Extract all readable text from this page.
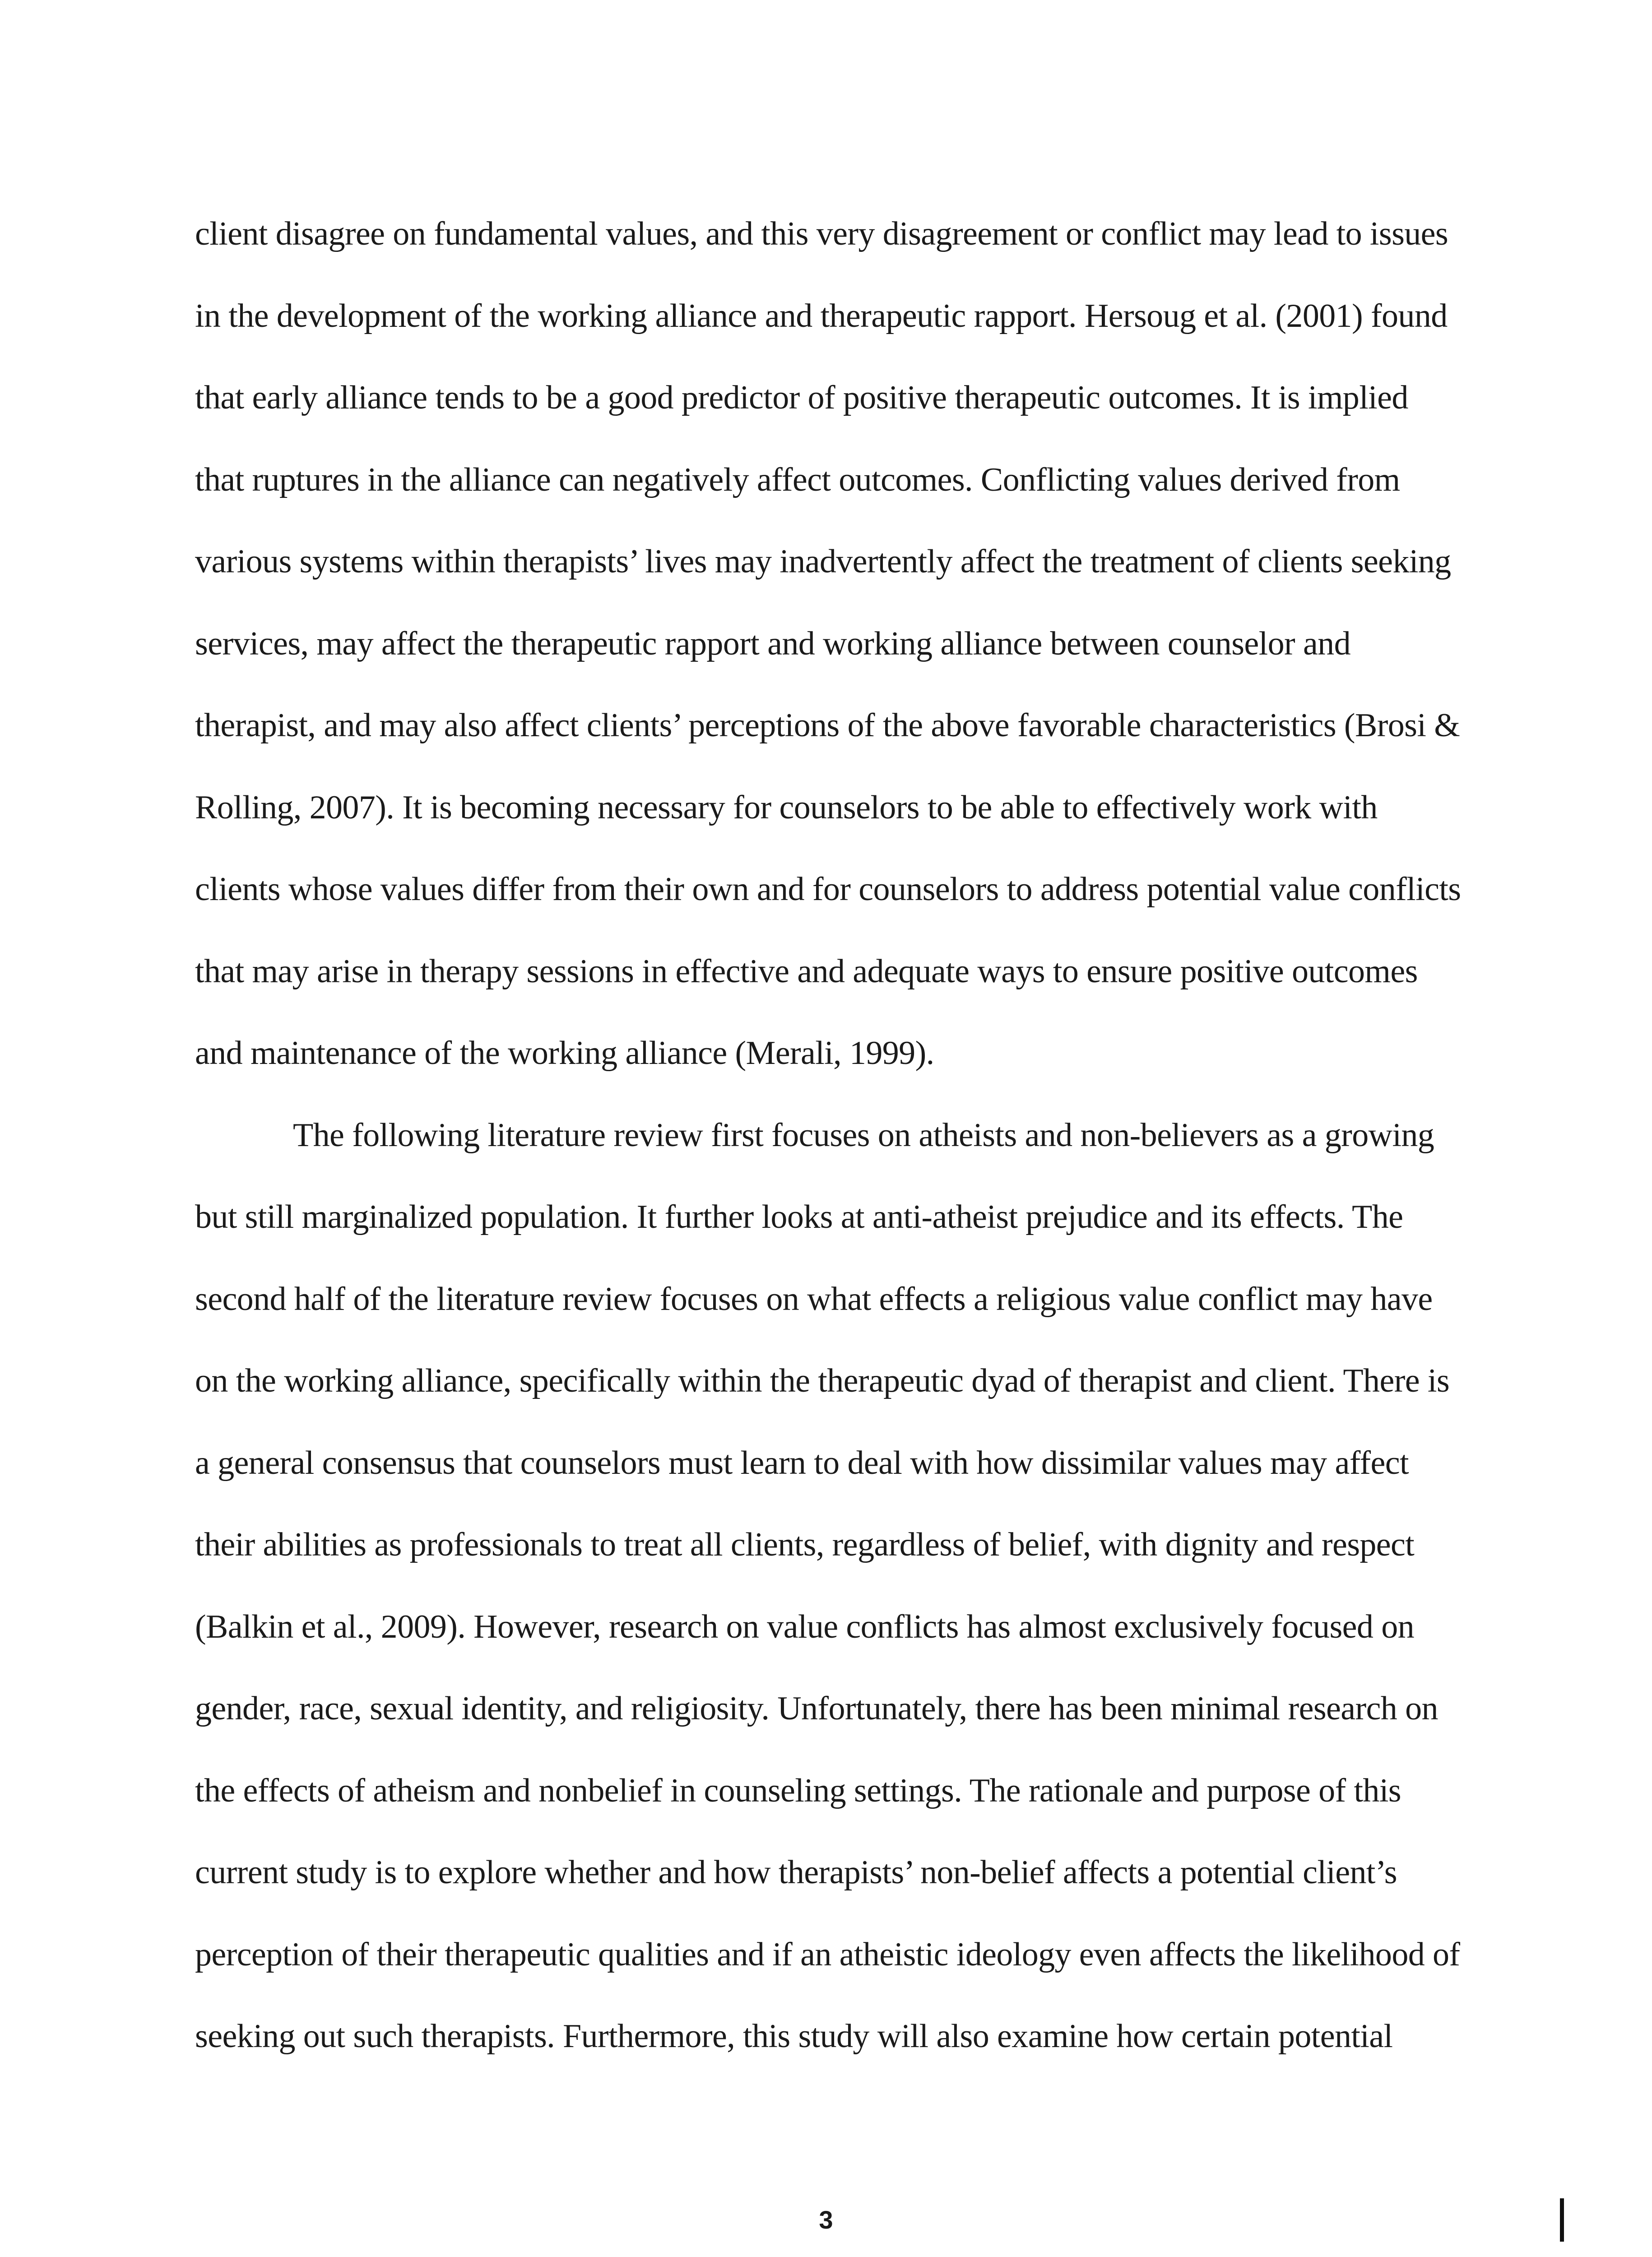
client disagree on fundamental values, and this very disagreement or conflict may lead to issues
in the development of the working alliance and therapeutic rapport. Hersoug et al. (2001) found
that early alliance tends to be a good predictor of positive therapeutic outcomes. It is implied
that ruptures in the alliance can negatively affect outcomes. Conflicting values derived from
various systems within therapists’ lives may inadvertently affect the treatment of clients seeking
services, may affect the therapeutic rapport and working alliance between counselor and
therapist, and may also affect clients’ perceptions of the above favorable characteristics (Brosi &
Rolling, 2007). It is becoming necessary for counselors to be able to effectively work with
clients whose values differ from their own and for counselors to address potential value conflicts
that may arise in therapy sessions in effective and adequate ways to ensure positive outcomes
and maintenance of the working alliance (Merali, 1999).
The following literature review first focuses on atheists and non-believers as a growing
but still marginalized population. It further looks at anti-atheist prejudice and its effects. The
second half of the literature review focuses on what effects a religious value conflict may have
on the working alliance, specifically within the therapeutic dyad of therapist and client. There is
a general consensus that counselors must learn to deal with how dissimilar values may affect
their abilities as professionals to treat all clients, regardless of belief, with dignity and respect
(Balkin et al., 2009). However, research on value conflicts has almost exclusively focused on
gender, race, sexual identity, and religiosity. Unfortunately, there has been minimal research on
the effects of atheism and nonbelief in counseling settings. The rationale and purpose of this
current study is to explore whether and how therapists’ non-belief affects a potential client’s
perception of their therapeutic qualities and if an atheistic ideology even affects the likelihood of
seeking out such therapists. Furthermore, this study will also examine how certain potential
3
